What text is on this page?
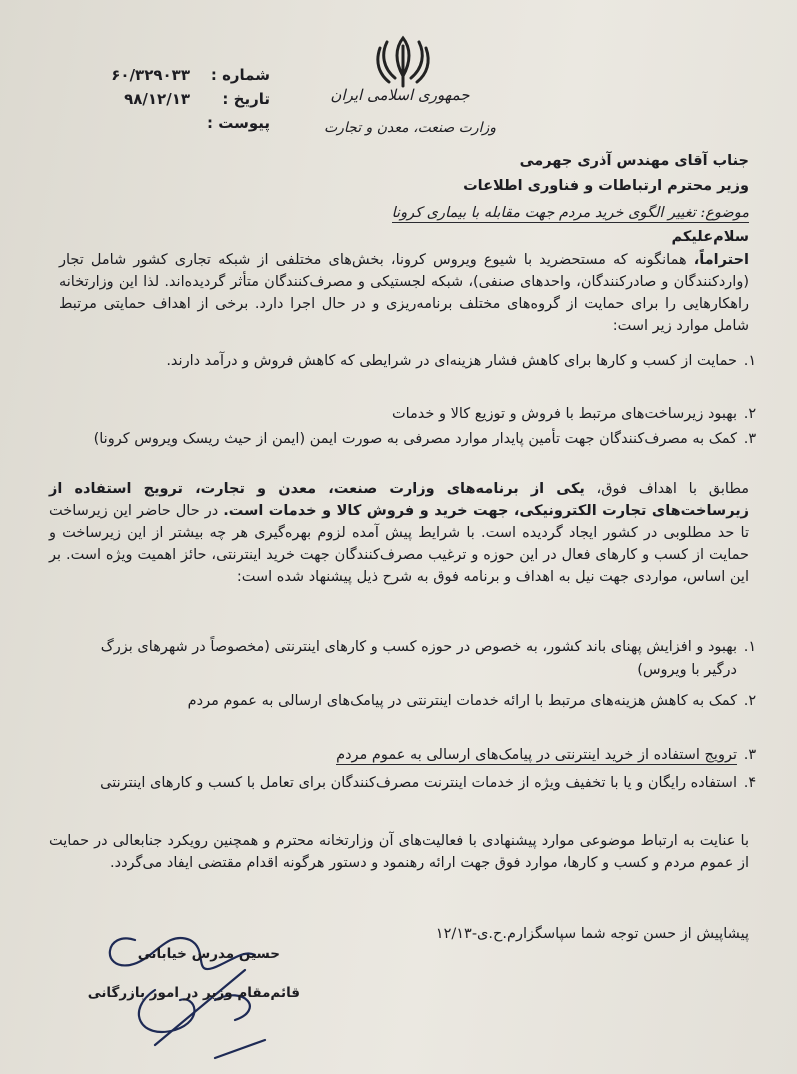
جمهوری اسلامی ایران
وزارت صنعت، معدن و تجارت
شماره :
۶۰/۳۲۹۰۳۳
تاریخ :
۹۸/۱۲/۱۳
پیوست :
جناب آقای مهندس آذری جهرمی
وزیر محترم ارتباطات و فناوری اطلاعات
موضوع: تغییر الگوی خرید مردم جهت مقابله با بیماری کرونا
سلام‌علیکم
احتراماً، همانگونه که مستحضرید با شیوع ویروس کرونا، بخش‌های مختلفی از شبکه تجاری کشور شامل تجار (واردکنندگان و صادرکنندگان، واحدهای صنفی)، شبکه لجستیکی و مصرف‌کنندگان متأثر گردیده‌اند. لذا این وزارتخانه راهکارهایی را برای حمایت از گروه‌های مختلف برنامه‌ریزی و در حال اجرا دارد. برخی از اهداف حمایتی مرتبط شامل موارد زیر است:
۱.
حمایت از کسب و کارها برای کاهش فشار هزینه‌ای در شرایطی که کاهش فروش و درآمد دارند.
۲.
بهبود زیرساخت‌های مرتبط با فروش و توزیع کالا و خدمات
۳.
کمک به مصرف‌کنندگان جهت تأمین پایدار موارد مصرفی به صورت ایمن (ایمن از حیث ریسک ویروس کرونا)
مطابق با اهداف فوق، یکی از برنامه‌های وزارت صنعت، معدن و تجارت، ترویج استفاده از زیرساخت‌های تجارت الکترونیکی، جهت خرید و فروش کالا و خدمات است. در حال حاضر این زیرساخت تا حد مطلوبی در کشور ایجاد گردیده است. با شرایط پیش آمده لزوم بهره‌گیری هر چه بیشتر از این زیرساخت و حمایت از کسب و کارهای فعال در این حوزه و ترغیب مصرف‌کنندگان جهت خرید اینترنتی، حائز اهمیت ویژه است. بر این اساس، مواردی جهت نیل به اهداف و برنامه فوق به شرح ذیل پیشنهاد شده است:
۱.
بهبود و افزایش پهنای باند کشور، به خصوص در حوزه کسب و کارهای اینترنتی (مخصوصاً در شهرهای بزرگ درگیر با ویروس)
۲.
کمک به کاهش هزینه‌های مرتبط با ارائه خدمات اینترنتی در پیامک‌های ارسالی به عموم مردم
۳.
ترویج استفاده از خرید اینترنتی در پیامک‌های ارسالی به عموم مردم
۴.
استفاده رایگان و یا با تخفیف ویژه از خدمات اینترنت مصرف‌کنندگان برای تعامل با کسب و کارهای اینترنتی
با عنایت به ارتباط موضوعی موارد پیشنهادی با فعالیت‌های آن وزارتخانه محترم و همچنین رویکرد جنابعالی در حمایت از عموم مردم و کسب و کارها، موارد فوق جهت ارائه رهنمود و دستور هرگونه اقدام مقتضی ایفاد می‌گردد.
پیشاپیش از حسن توجه شما سپاسگزارم.ح.ی-۱۲/۱۳
حسین مدرس خیابانی
قائم‌مقام وزیر در امور بازرگانی
